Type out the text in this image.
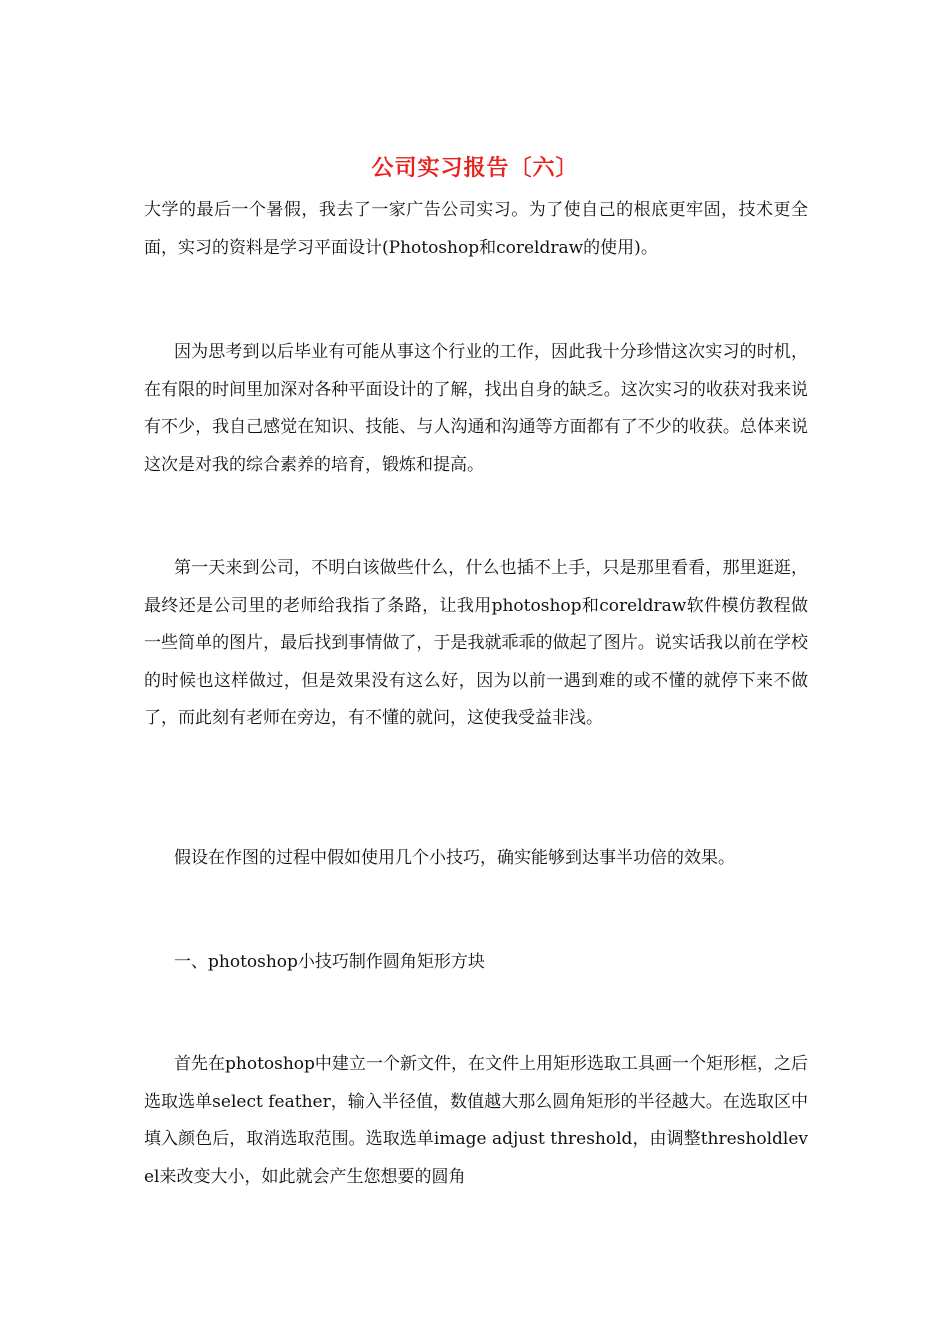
公司实习报告〔六〕

大学的最后一个暑假，我去了一家广告公司实习。为了使自己的根底更牢固，技术更全面，实习的资料是学习平面设计(Photoshop和coreldraw的使用)。

因为思考到以后毕业有可能从事这个行业的工作，因此我十分珍惜这次实习的时机，在有限的时间里加深对各种平面设计的了解，找出自身的缺乏。这次实习的收获对我来说有不少，我自己感觉在知识、技能、与人沟通和沟通等方面都有了不少的收获。总体来说这次是对我的综合素养的培育，锻炼和提高。

第一天来到公司，不明白该做些什么，什么也插不上手，只是那里看看，那里逛逛，最终还是公司里的老师给我指了条路，让我用photoshop和coreldraw软件模仿教程做一些简单的图片，最后找到事情做了，于是我就乖乖的做起了图片。说实话我以前在学校的时候也这样做过，但是效果没有这么好，因为以前一遇到难的或不懂的就停下来不做了，而此刻有老师在旁边，有不懂的就问，这使我受益非浅。

假设在作图的过程中假如使用几个小技巧，确实能够到达事半功倍的效果。

一、photoshop小技巧制作圆角矩形方块

首先在photoshop中建立一个新文件，在文件上用矩形选取工具画一个矩形框，之后选取选单select feather，输入半径值，数值越大那么圆角矩形的半径越大。在选取区中填入颜色后，取消选取范围。选取选单image adjust threshold，由调整thresholdlevel来改变大小，如此就会产生您想要的圆角
